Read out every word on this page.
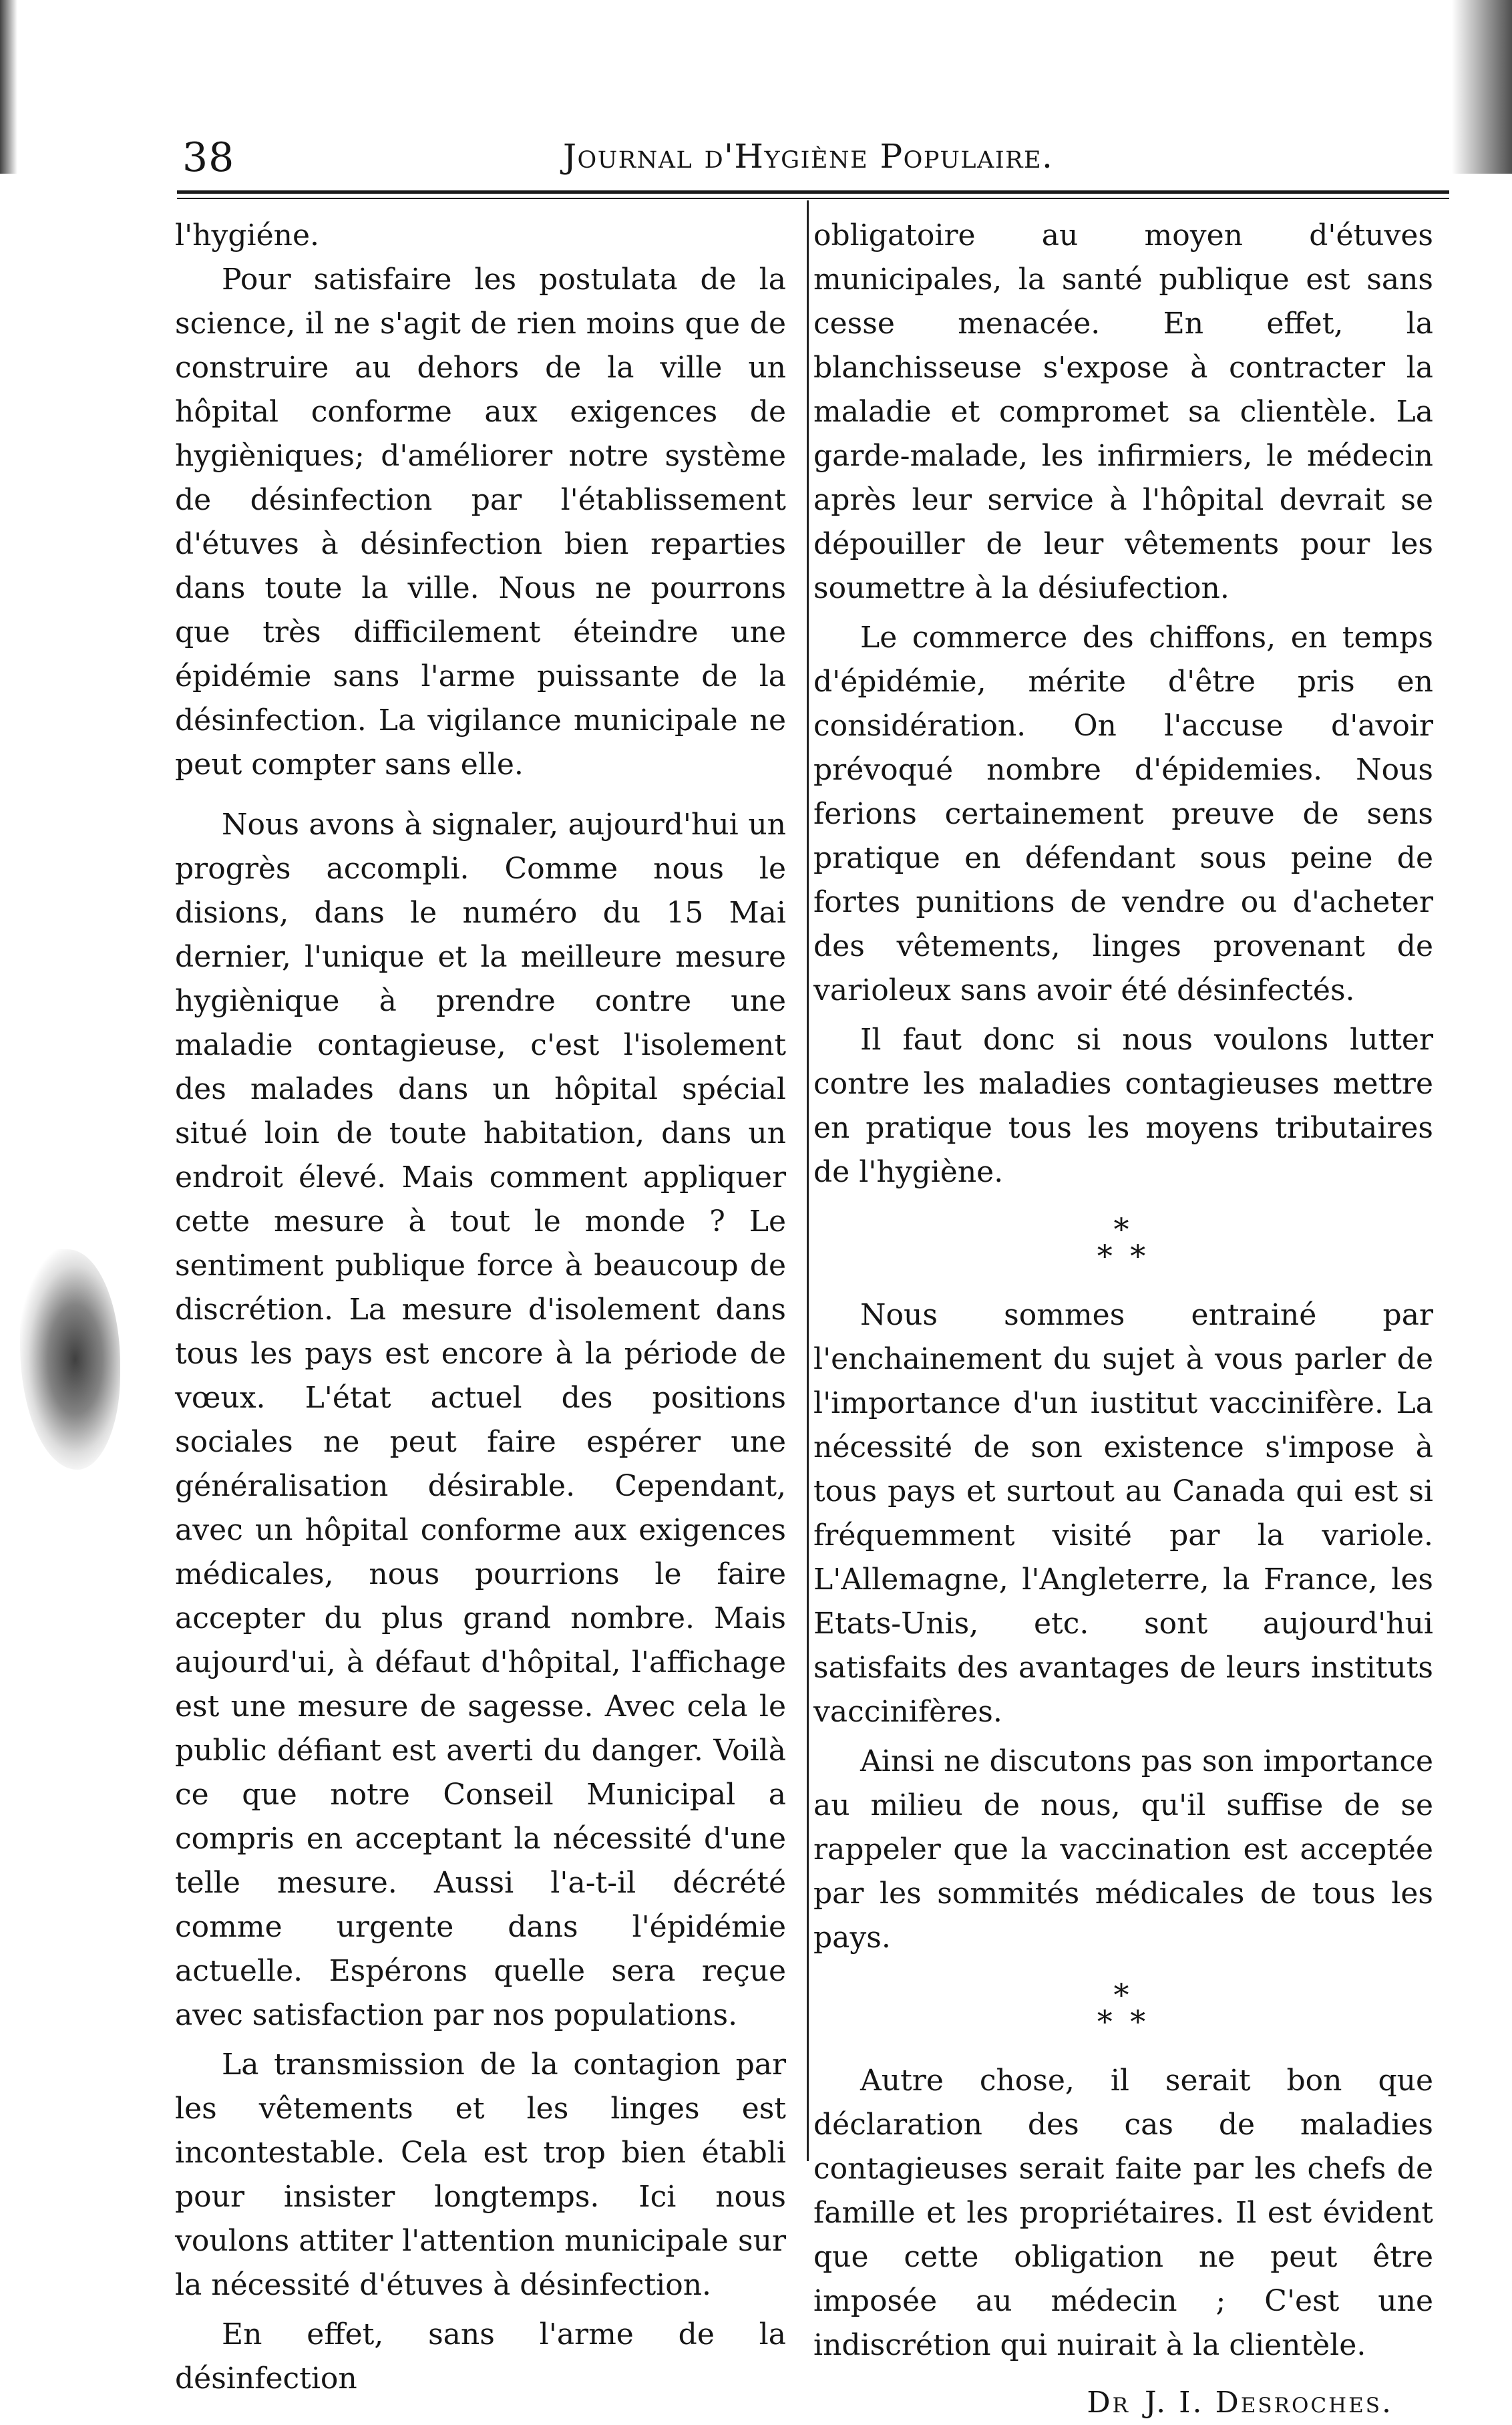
38	Journal d'Hygiène Populaire.

l'hygiéne.

Pour satisfaire les postulata de la science, il ne s'agit de rien moins que de construire au dehors de la ville un hôpital conforme aux exigences de hygièniques; d'améliorer notre système de désinfection par l'établissement d'étuves à désinfection bien reparties dans toute la ville. Nous ne pourrons que très difficilement éteindre une épidémie sans l'arme puissante de la désinfection. La vigilance municipale ne peut compter sans elle.

Nous avons à signaler, aujourd'hui un progrès accompli. Comme nous le disions, dans le numéro du 15 Mai dernier, l'unique et la meilleure mesure hygiènique à prendre contre une maladie contagieuse, c'est l'isolement des malades dans un hôpital spécial situé loin de toute habitation, dans un endroit élevé. Mais comment appliquer cette mesure à tout le monde ? Le sentiment publique force à beaucoup de discrétion. La mesure d'isolement dans tous les pays est encore à la période de vœux. L'état actuel des positions sociales ne peut faire espérer une généralisation désirable. Cependant, avec un hôpital conforme aux exigences médicales, nous pourrions le faire accepter du plus grand nombre. Mais aujourd'ui, à défaut d'hôpital, l'affichage est une mesure de sagesse. Avec cela le public défiant est averti du danger. Voilà ce que notre Conseil Municipal a compris en acceptant la nécessité d'une telle mesure. Aussi l'a-t-il décrété comme urgente dans l'épidémie actuelle. Espérons quelle sera reçue avec satisfaction par nos populations.

La transmission de la contagion par les vêtements et les linges est incontestable. Cela est trop bien établi pour insister longtemps. Ici nous voulons attiter l'attention municipale sur la nécessité d'étuves à désinfection.

En effet, sans l'arme de la désinfection

obligatoire au moyen d'étuves municipales, la santé publique est sans cesse menacée. En effet, la blanchisseuse s'expose à contracter la maladie et compromet sa clientèle. La garde-malade, les infirmiers, le médecin après leur service à l'hôpital devrait se dépouiller de leur vêtements pour les soumettre à la désiufection.

Le commerce des chiffons, en temps d'épidémie, mérite d'être pris en considération. On l'accuse d'avoir prévoqué nombre d'épidemies. Nous ferions certainement preuve de sens pratique en défendant sous peine de fortes punitions de vendre ou d'acheter des vêtements, linges provenant de varioleux sans avoir été désinfectés.

Il faut donc si nous voulons lutter contre les maladies contagieuses mettre en pratique tous les moyens tributaires de l'hygiène.

*
* *

Nous sommes entrainé par l'enchainement du sujet à vous parler de l'importance d'un iustitut vaccinifère. La nécessité de son existence s'impose à tous pays et surtout au Canada qui est si fréquemment visité par la variole. L'Allemagne, l'Angleterre, la France, les Etats-Unis, etc. sont aujourd'hui satisfaits des avantages de leurs instituts vaccinifères.

Ainsi ne discutons pas son importance au milieu de nous, qu'il suffise de se rappeler que la vaccination est acceptée par les sommités médicales de tous les pays.

*
* *

Autre chose, il serait bon que déclaration des cas de maladies contagieuses serait faite par les chefs de famille et les propriétaires. Il est évident que cette obligation ne peut être imposée au médecin ; C'est une indiscrétion qui nuirait à la clientèle.

Dr J. I. Desroches.
